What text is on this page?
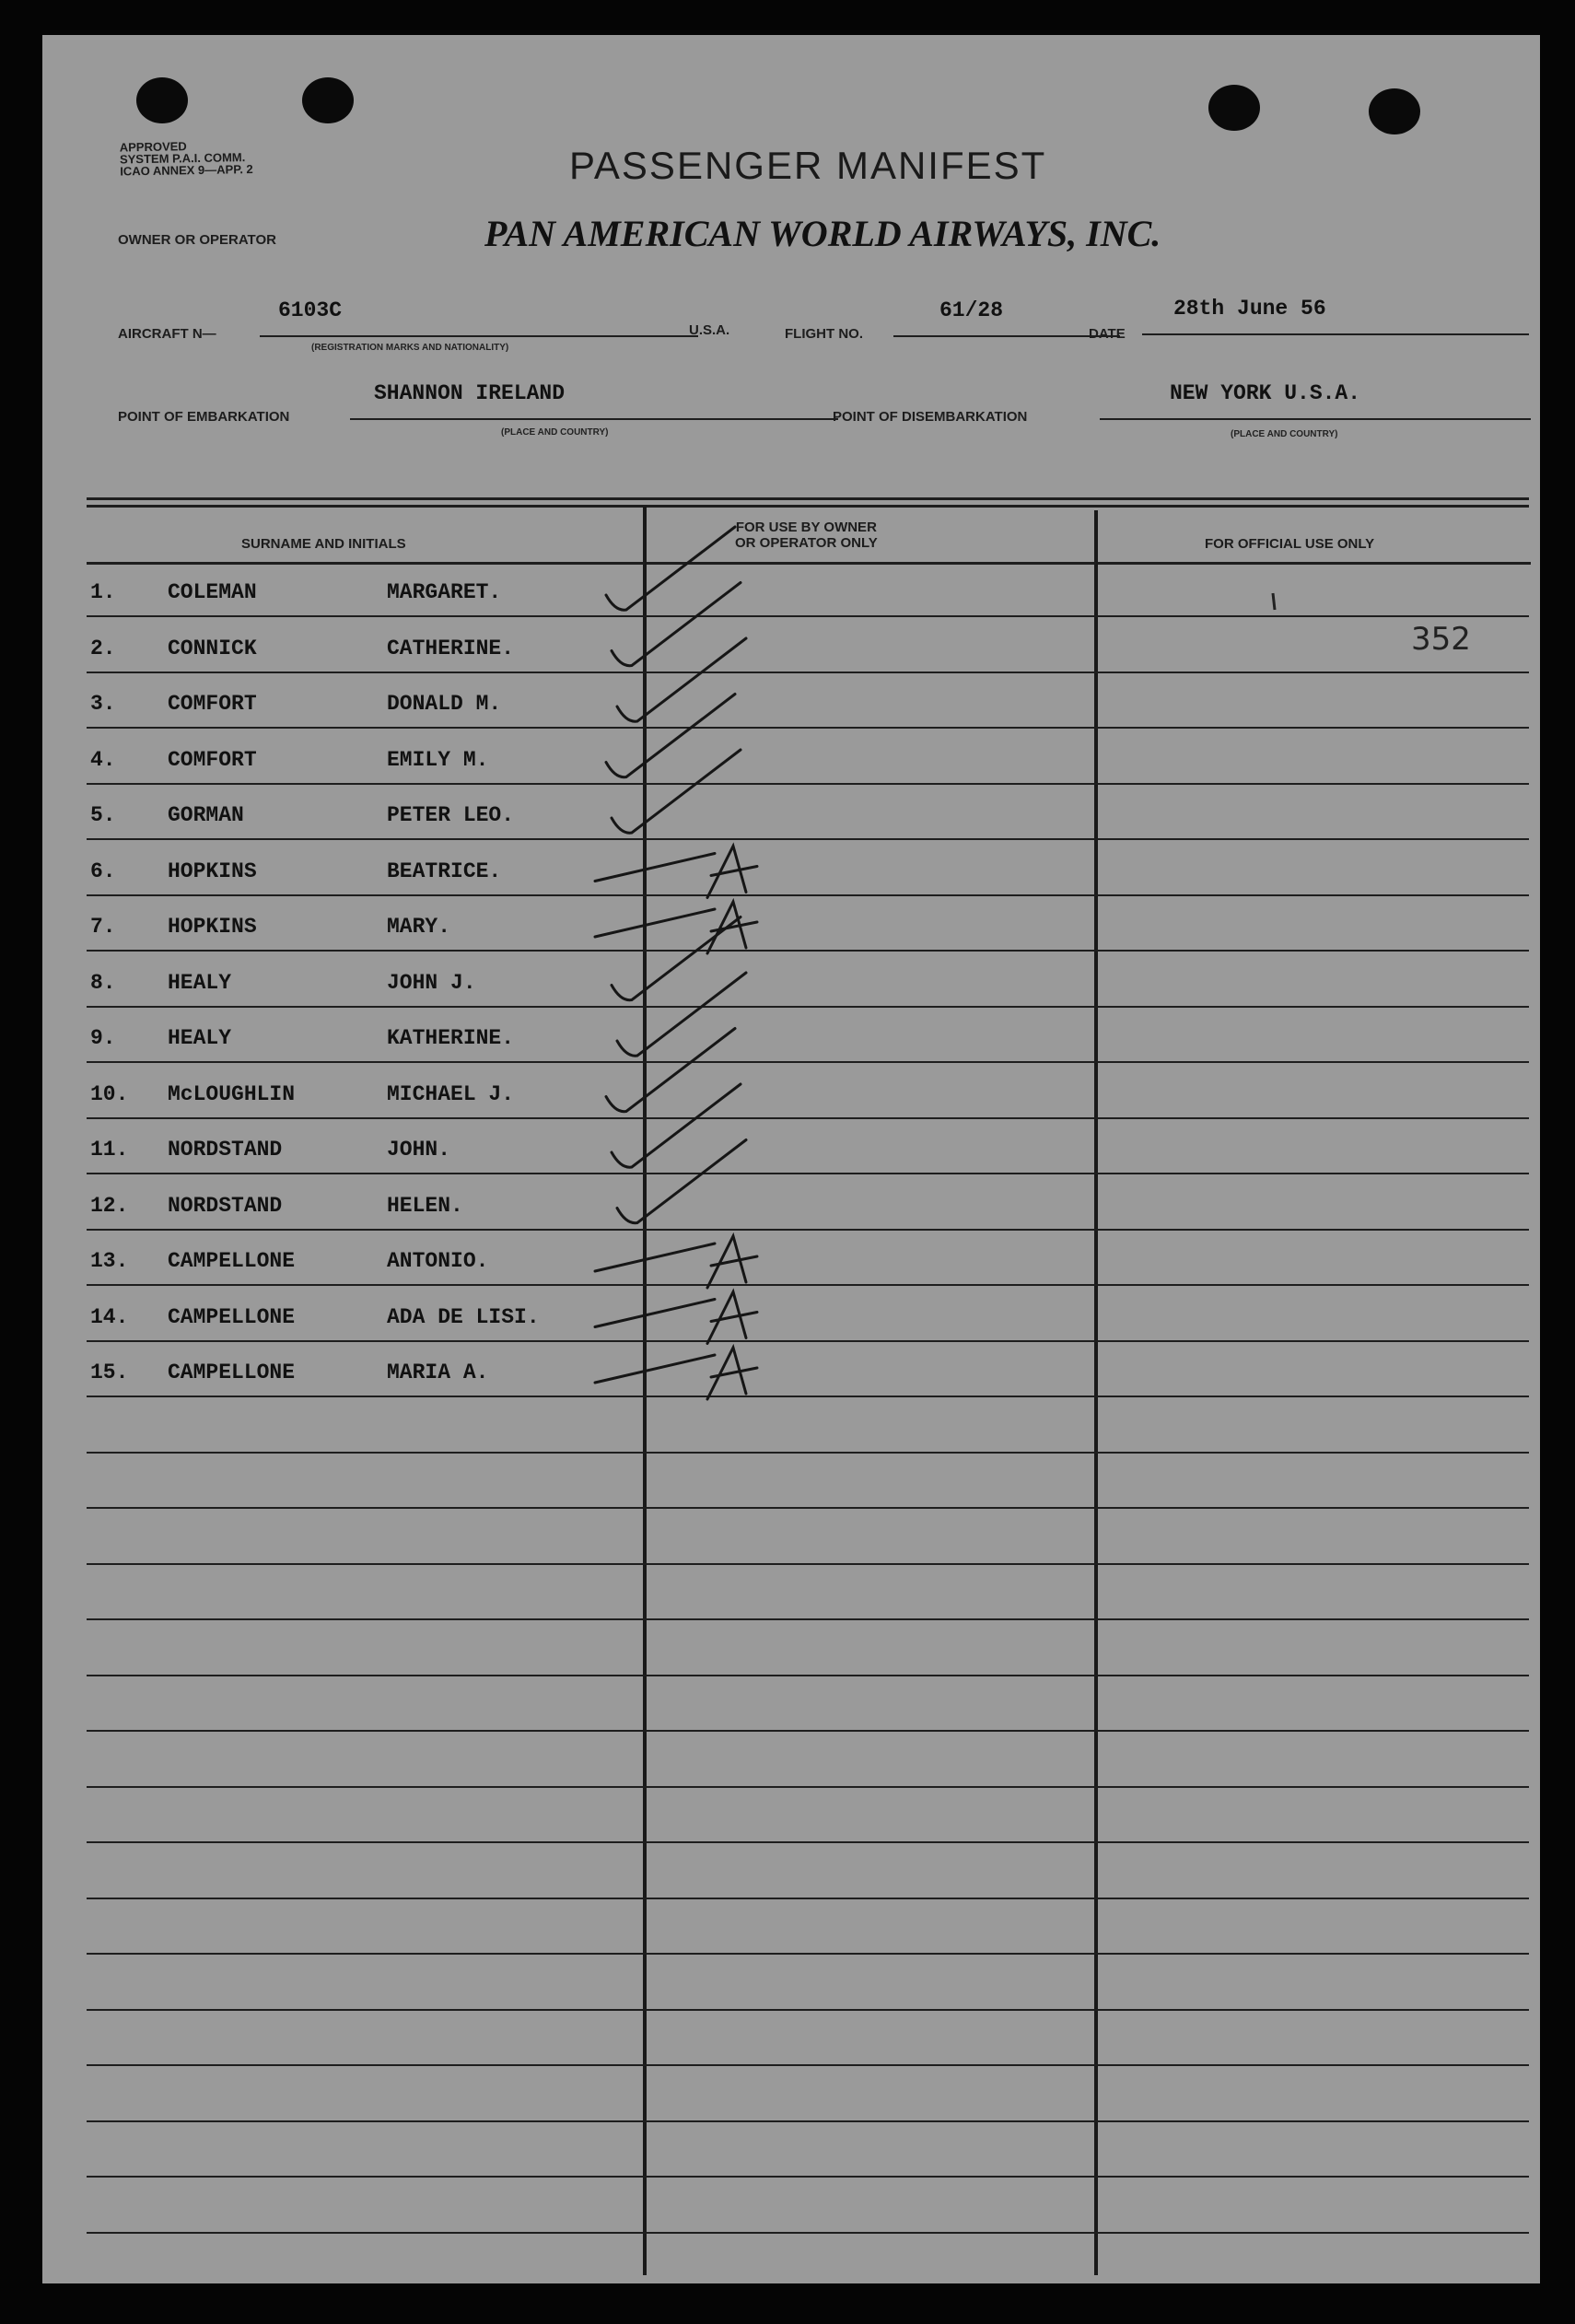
APPROVED
SYSTEM P.A.I. COMM.
ICAO ANNEX 9—APP. 2	PASSENGER MANIFEST
OWNER OR OPERATOR	PAN AMERICAN WORLD AIRWAYS, INC.
AIRCRAFT N—
6103C
(REGISTRATION MARKS AND NATIONALITY)
U.S.A.	FLIGHT NO.
61/28
DATE
28th June 56
POINT OF EMBARKATION
SHANNON IRELAND
(PLACE AND COUNTRY)
POINT OF DISEMBARKATION
NEW YORK U.S.A.
(PLACE AND COUNTRY)
SURNAME AND INITIALS
FOR USE BY OWNER
OR OPERATOR ONLY	FOR OFFICIAL USE ONLY
352
1. COLEMAN	MARGARET.
2. CONNICK	CATHERINE.
3. COMFORT	DONALD M.
4. COMFORT	EMILY M.
5. GORMAN	PETER LEO.
6. HOPKINS	BEATRICE.
7. HOPKINS	MARY.
8. HEALY	JOHN J.
9. HEALY	KATHERINE.
10. McLOUGHLIN	MICHAEL J.
11. NORDSTAND	JOHN.
12. NORDSTAND	HELEN.
13. CAMPELLONE	ANTONIO.
14. CAMPELLONE	ADA DE LISI.
15. CAMPELLONE	MARIA A.
